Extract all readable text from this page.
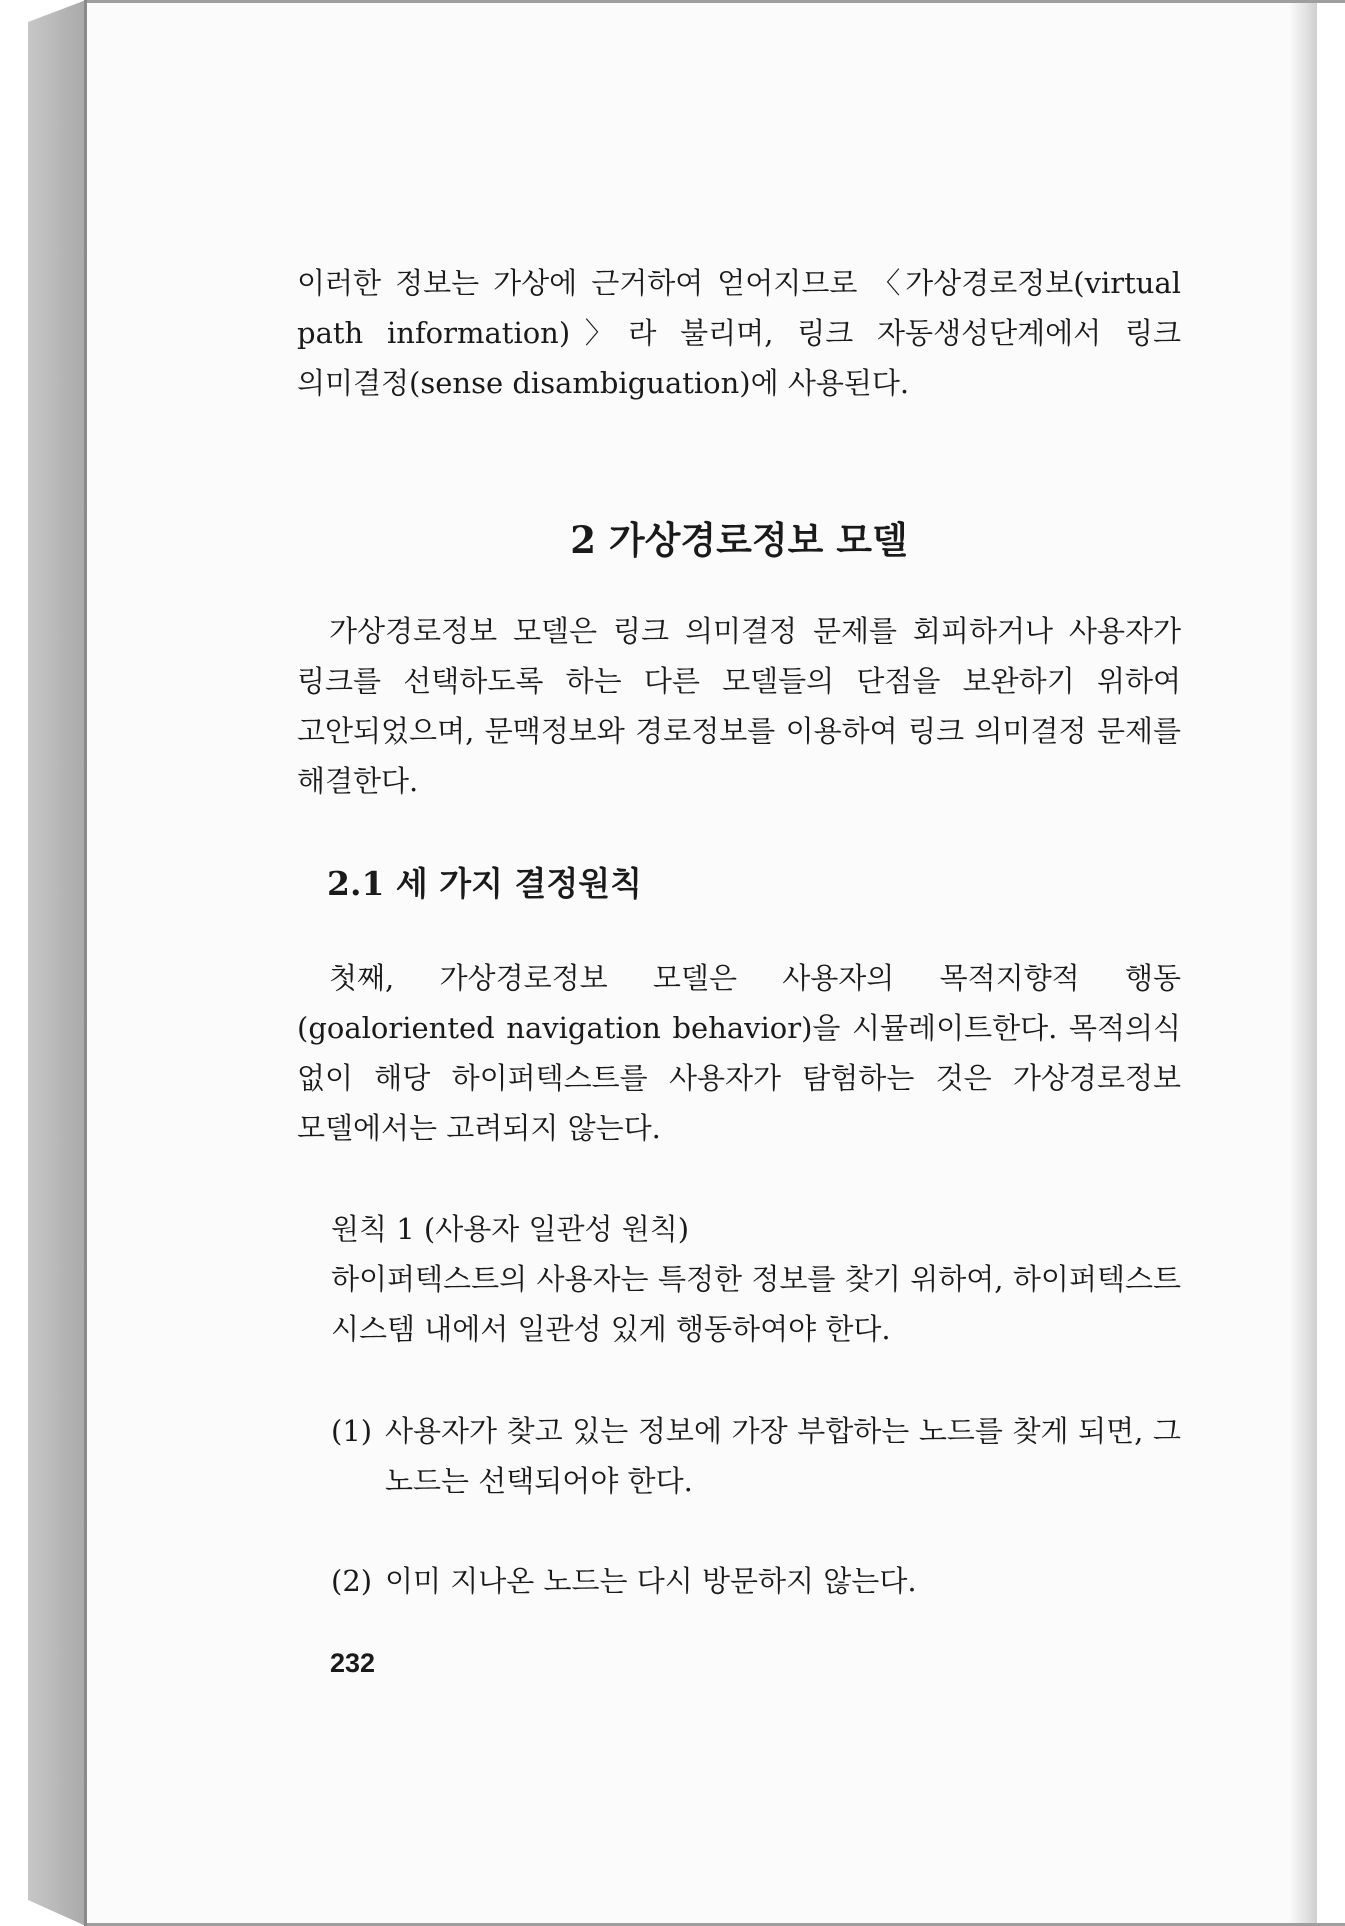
이러한 정보는 가상에 근거하여 얻어지므로 〈가상경로정보(virtual path information)〉라 불리며, 링크 자동생성단계에서 링크 의미결정(sense disambiguation)에 사용된다.

2 가상경로정보 모델

가상경로정보 모델은 링크 의미결정 문제를 회피하거나 사용자가 링크를 선택하도록 하는 다른 모델들의 단점을 보완하기 위하여 고안되었으며, 문맥정보와 경로정보를 이용하여 링크 의미결정 문제를 해결한다.

2.1 세 가지 결정원칙

첫째, 가상경로정보 모델은 사용자의 목적지향적 행동(goaloriented navigation behavior)을 시뮬레이트한다. 목적의식 없이 해당 하이퍼텍스트를 사용자가 탐험하는 것은 가상경로정보 모델에서는 고려되지 않는다.

원칙 1 (사용자 일관성 원칙)

하이퍼텍스트의 사용자는 특정한 정보를 찾기 위하여, 하이퍼텍스트 시스템 내에서 일관성 있게 행동하여야 한다.

(1) 사용자가 찾고 있는 정보에 가장 부합하는 노드를 찾게 되면, 그 노드는 선택되어야 한다.
(2) 이미 지나온 노드는 다시 방문하지 않는다.
232
